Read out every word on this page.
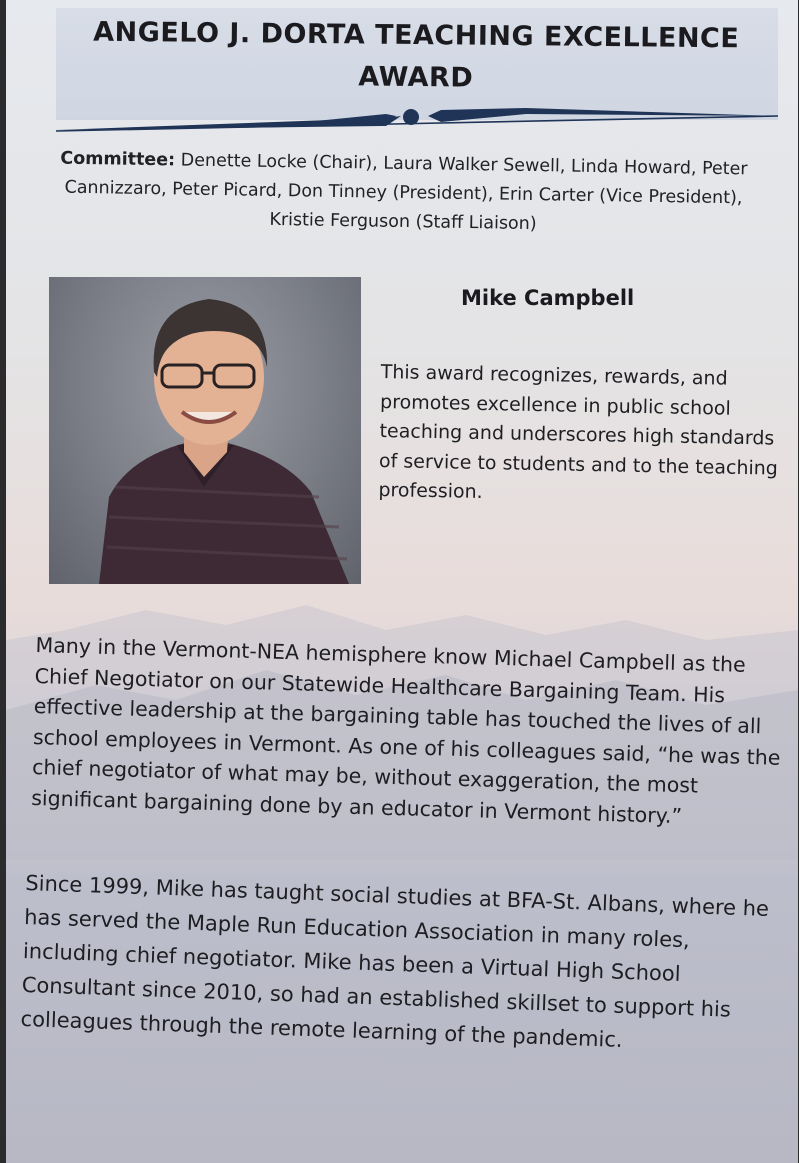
ANGELO J. DORTA TEACHING EXCELLENCE AWARD
Committee: Denette Locke (Chair), Laura Walker Sewell, Linda Howard, Peter Cannizzaro, Peter Picard, Don Tinney (President), Erin Carter (Vice President), Kristie Ferguson (Staff Liaison)
Mike Campbell
This award recognizes, rewards, and promotes excellence in public school teaching and underscores high standards of service to students and to the teaching profession.
Many in the Vermont-NEA hemisphere know Michael Campbell as the Chief Negotiator on our Statewide Healthcare Bargaining Team. His effective leadership at the bargaining table has touched the lives of all school employees in Vermont. As one of his colleagues said, “he was the chief negotiator of what may be, without exaggeration, the most significant bargaining done by an educator in Vermont history.”
Since 1999, Mike has taught social studies at BFA-St. Albans, where he has served the Maple Run Education Association in many roles, including chief negotiator. Mike has been a Virtual High School Consultant since 2010, so had an established skillset to support his colleagues through the remote learning of the pandemic.
